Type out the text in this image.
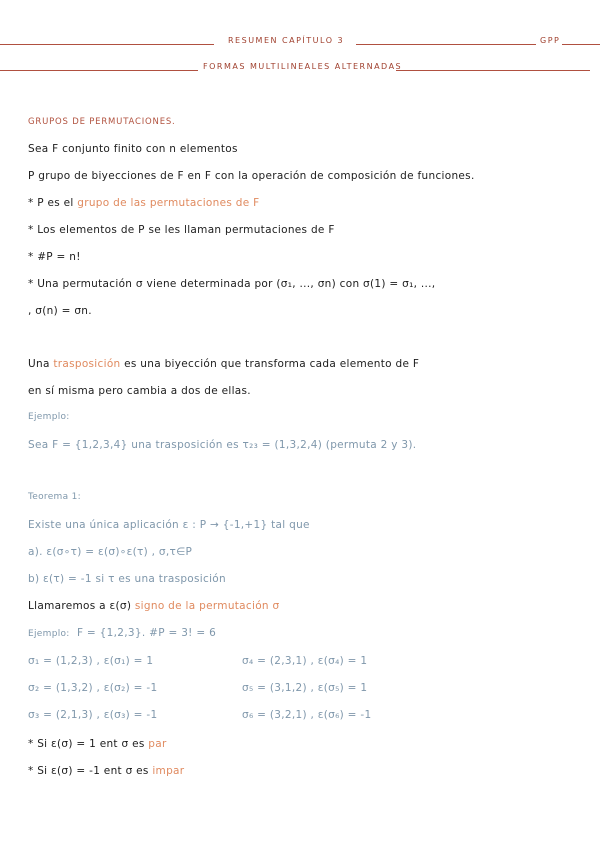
RESUMEN CAPÍTULO 3	GPP
FORMAS MULTILINEALES ALTERNADAS
GRUPOS DE PERMUTACIONES.
Sea F conjunto finito con n elementos
P grupo de biyecciones de F en F con la operación de composición de funciones.
* P es el grupo de las permutaciones de F
* Los elementos de P se les llaman permutaciones de F
* #P = n!
* Una permutación σ viene determinada por (σ₁, ..., σn) con σ(1) = σ₁, ...,
, σ(n) = σn.
Una trasposición es una biyección que transforma cada elemento de F
en sí misma pero cambia a dos de ellas.
Ejemplo:
Sea F = {1,2,3,4} una trasposición es τ₂₃ = (1,3,2,4) (permuta 2 y 3).
Teorema 1:
Existe una única aplicación ε : P → {-1,+1} tal que
a). ε(σ∘τ) = ε(σ)∘ε(τ) , σ,τ∈P
b) ε(τ) = -1 si τ es una trasposición
Llamaremos a ε(σ) signo de la permutación σ
Ejemplo: F = {1,2,3}. #P = 3! = 6
σ₁ = (1,2,3) , ε(σ₁) = 1
σ₂ = (1,3,2) , ε(σ₂) = -1
σ₃ = (2,1,3) , ε(σ₃) = -1
σ₄ = (2,3,1) , ε(σ₄) = 1
σ₅ = (3,1,2) , ε(σ₅) = 1
σ₆ = (3,2,1) , ε(σ₆) = -1
* Si ε(σ) = 1 ent σ es par
* Si ε(σ) = -1 ent σ es impar
